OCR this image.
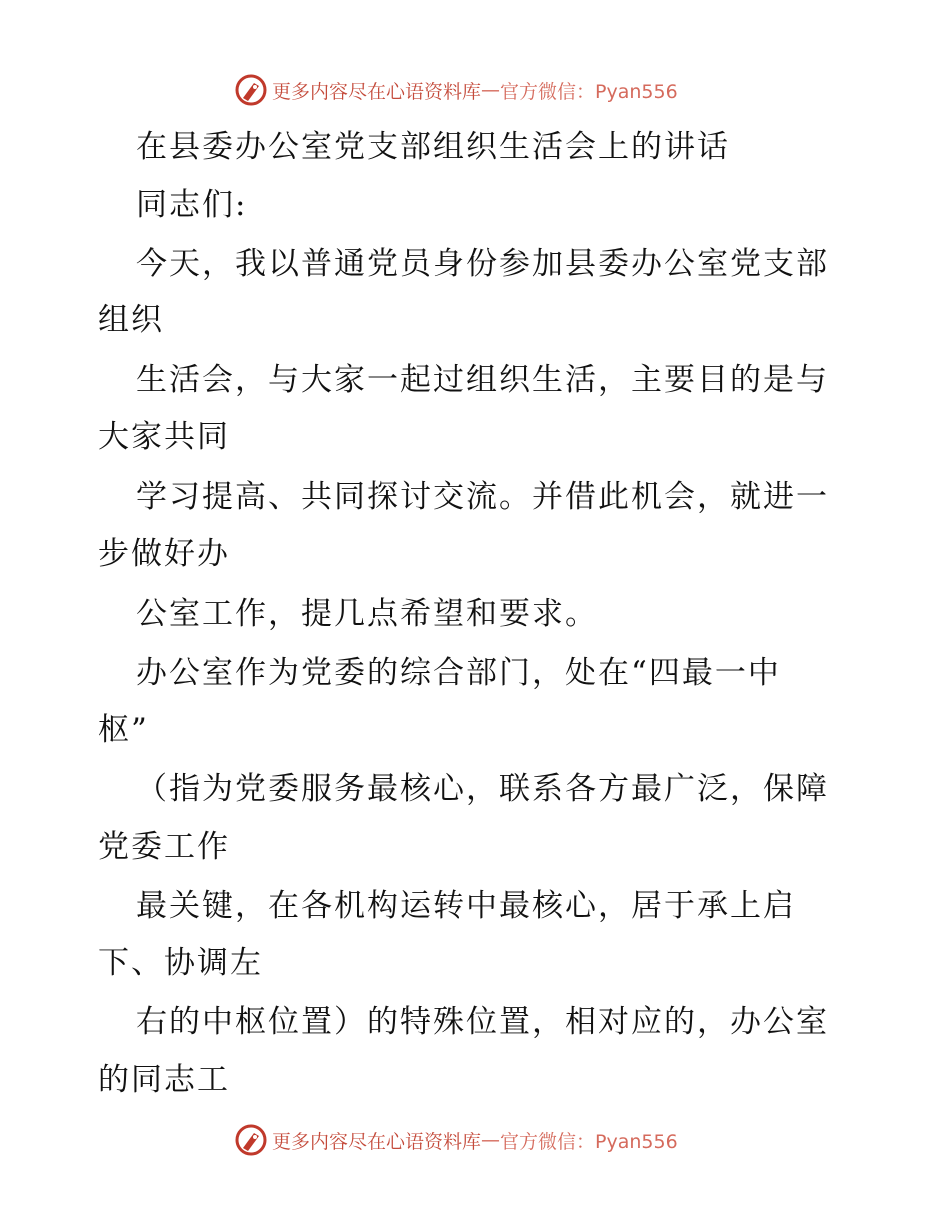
更多内容尽在心语资料库 — 官方微信：Pyan556
在县委办公室党支部组织生活会上的讲话
同志们:
今天，我以普通党员身份参加县委办公室党支部
组织
生活会，与大家一起过组织生活，主要目的是与
大家共同
学习提高、共同探讨交流。并借此机会，就进一
步做好办
公室工作，提几点希望和要求。
办公室作为党委的综合部门，处在“四最一中
枢”
（指为党委服务最核心，联系各方最广泛，保障
党委工作
最关键，在各机构运转中最核心，居于承上启
下、协调左
右的中枢位置）的特殊位置，相对应的，办公室
的同志工
更多内容尽在心语资料库 — 官方微信：Pyan556
